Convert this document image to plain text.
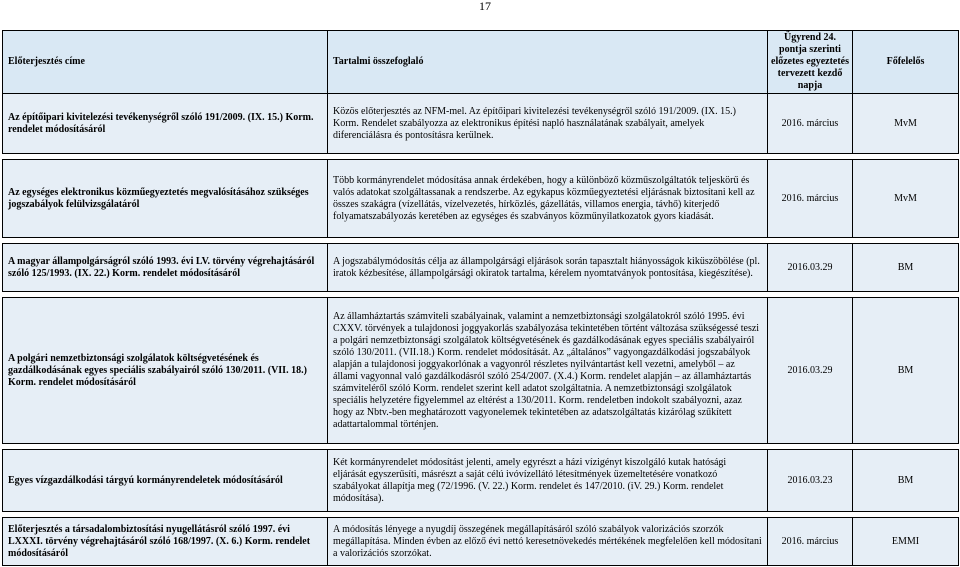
17
Előterjesztés címe	Tartalmi összefoglaló	Ügyrend 24. pontja szerinti előzetes egyeztetés tervezett kezdő napja	Főfelelős
Az építőipari kivitelezési tevékenységről szóló 191/2009. (IX. 15.) Korm. rendelet módosításáról	Közös előterjesztés az NFM-mel. Az építőipari kivitelezési tevékenységről szóló 191/2009. (IX. 15.) Korm. Rendelet szabályozza az elektronikus építési napló használatának szabályait, amelyek diferenciálásra és pontosításra kerülnek.	2016. március	MvM

Az egységes elektronikus közműegyeztetés megvalósításához szükséges jogszabályok felülvizsgálatáról	Több kormányrendelet módosítása annak érdekében, hogy a különböző közműszolgáltatók teljeskörű és valós adatokat szolgáltassanak a rendszerbe. Az egykapus közműegyeztetési eljárásnak biztosítani kell az összes szakágra (vízellátás, vízelvezetés, hírközlés, gázellátás, villamos energia, távhő) kiterjedő folyamatszabályozás keretében az egységes és szabványos közműnyilatkozatok gyors kiadását.	2016. március	MvM

A magyar állampolgárságról szóló 1993. évi LV. törvény végrehajtásáról szóló 125/1993. (IX. 22.) Korm. rendelet módosításáról	A jogszabálymódosítás célja az állampolgársági eljárások során tapasztalt hiányosságok kiküszöbölése (pl. iratok kézbesítése, állampolgársági okiratok tartalma, kérelem nyomtatványok pontosítása, kiegészítése).	2016.03.29	BM

A polgári nemzetbiztonsági szolgálatok költségvetésének és gazdálkodásának egyes speciális szabályairól szóló 130/2011. (VII. 18.) Korm. rendelet módosításáról	Az államháztartás számviteli szabályainak, valamint a nemzetbiztonsági szolgálatokról szóló 1995. évi CXXV. törvények a tulajdonosi joggyakorlás szabályozása tekintetében történt változása szükségessé teszi a polgári nemzetbiztonsági szolgálatok költségvetésének és gazdálkodásának egyes speciális szabályairól szóló 130/2011. (VII.18.) Korm. rendelet módosítását. Az „általános” vagyongazdálkodási jogszabályok alapján a tulajdonosi joggyakorlónak a vagyonról részletes nyilvántartást kell vezetni, amelyből – az állami vagyonnal való gazdálkodásról szóló 254/2007. (X.4.) Korm. rendelet alapján – az államháztartás számviteléről szóló Korm. rendelet szerint kell adatot szolgáltatnia. A nemzetbiztonsági szolgálatok speciális helyzetére figyelemmel az eltérést a 130/2011. Korm. rendeletben indokolt szabályozni, azaz hogy az Nbtv.-ben meghatározott vagyonelemek tekintetében az adatszolgáltatás kizárólag szűkített adattartalommal történjen.	2016.03.29	BM

Egyes vízgazdálkodási tárgyú kormányrendeletek módosításáról	Két kormányrendelet módosítást jelenti, amely egyrészt a házi vízigényt kiszolgáló kutak hatósági eljárását egyszerűsíti, másrészt a saját célú ivóvízellátó létesítmények üzemeltetésére vonatkozó szabályokat állapítja meg (72/1996. (V. 22.) Korm. rendelet és 147/2010. (iV. 29.) Korm. rendelet módosítása).	2016.03.23	BM

Előterjesztés a társadalombiztosítási nyugellátásról szóló 1997. évi LXXXI. törvény végrehajtásáról szóló 168/1997. (X. 6.) Korm. rendelet módosításáról	A módosítás lényege a nyugdíj összegének megállapításáról szóló szabályok valorizációs szorzók megállapítása. Minden évben az előző évi nettó keresetnövekedés mértékének megfelelően kell módosítani a valorizációs szorzókat.	2016. március	EMMI
